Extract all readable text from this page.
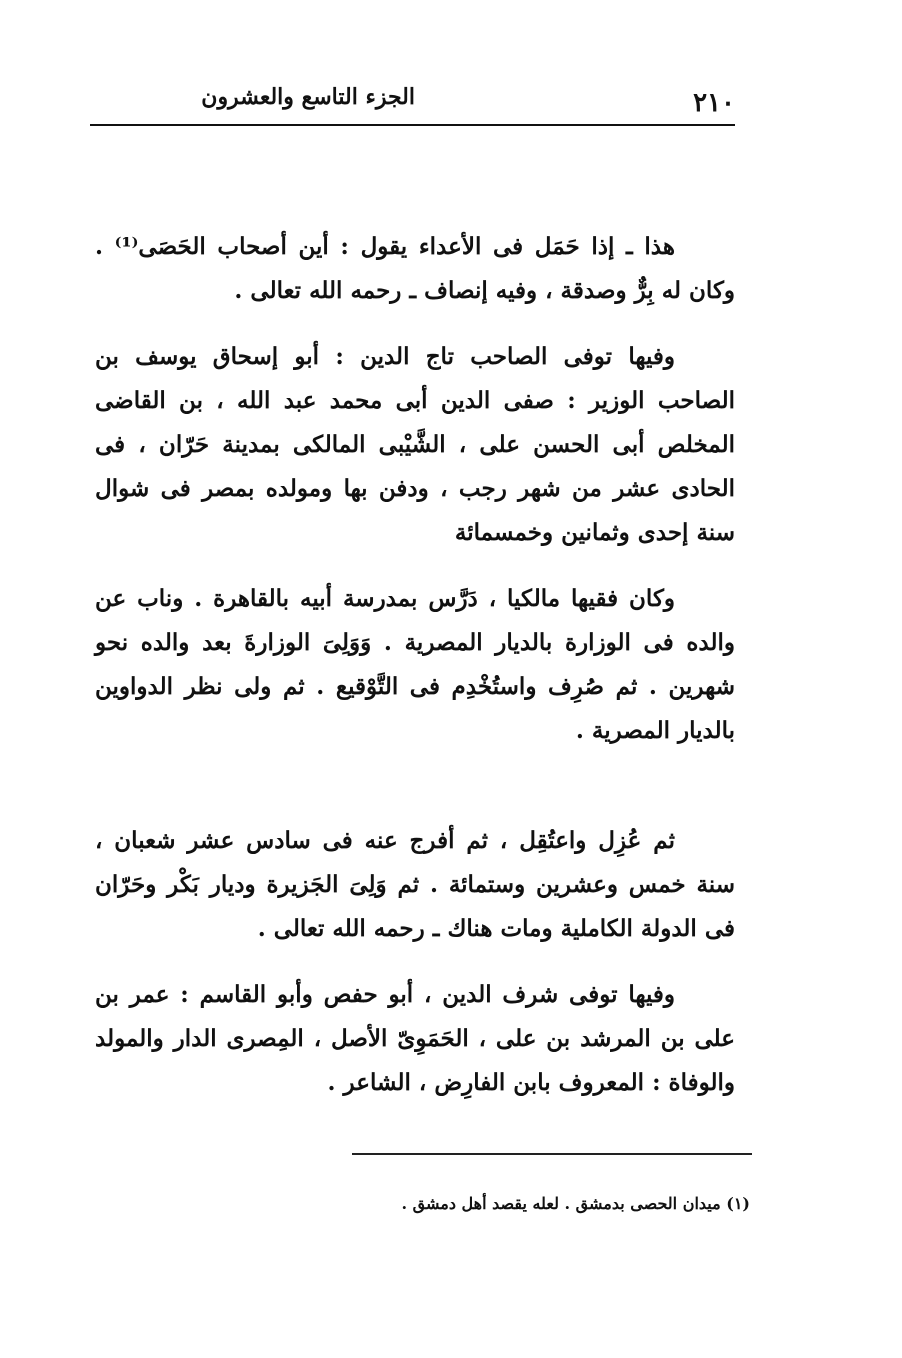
٢١٠
الجزء التاسع والعشرون

هذا ـ إذا حَمَل فى الأعداء يقول : أين أصحاب الحَصَى⁽¹⁾ . وكان له بِرٌّ وصدقة ، وفيه إنصاف ـ رحمه الله تعالى .

وفيها توفى الصاحب تاج الدين : أبو إسحاق يوسف بن الصاحب الوزير : صفى الدين أبى محمد عبد الله ، بن القاضى المخلص أبى الحسن على ، الشَّيْبى المالكى بمدينة حَرّان ، فى الحادى عشر من شهر رجب ، ودفن بها ومولده بمصر فى شوال سنة إحدى وثمانين وخمسمائة

وكان فقيها مالكيا ، دَرَّس بمدرسة أبيه بالقاهرة . وناب عن والده فى الوزارة بالديار المصرية . وَوَلِىَ الوزارةَ بعد والده نحو شهرين . ثم صُرِف واستُخْدِم فى التَّوْقيع . ثم ولى نظر الدواوين بالديار المصرية .

ثم عُزِل واعتُقِل ، ثم أفرج عنه فى سادس عشر شعبان ، سنة خمس وعشرين وستمائة . ثم وَلِىَ الجَزيرة وديار بَكْر وحَرّان فى الدولة الكاملية ومات هناك ـ رحمه الله تعالى .

وفيها توفى شرف الدين ، أبو حفص وأبو القاسم : عمر بن على بن المرشد بن على ، الحَمَوِىّ الأصل ، المِصرى الدار والمولد والوفاة : المعروف بابن الفارِض ، الشاعر .

(١) ميدان الحصى بدمشق . لعله يقصد أهل دمشق .
